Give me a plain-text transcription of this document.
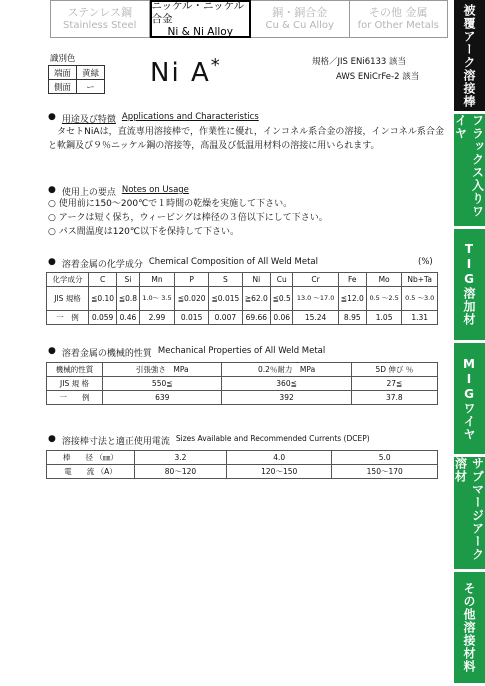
ステンレス鋼
Stainless Steel
ニッケル・ニッケル合金
Ni & Ni Alloy
銅・銅合金
Cu & Cu Alloy
その他 金属
for Other Metals	被覆アーク溶接棒
フラックス入りワイヤ
TIG溶加材
MIGワイヤ
サブマージアーク溶材
その他溶接材料
識別色
端面	黄緑
側面	ー Ni A*	規格／JIS ENi6133 該当
AWS ENiCrFe-2 該当
● 用途及び特徴 Applications and Characteristics
タセトNiAは，直流専用溶接棒で，作業性に優れ，インコネル系合金の溶接，インコネル系合金と軟鋼及び９％ニッケル鋼の溶接等，高温及び低温用材料の溶接に用いられます。
● 使用上の要点 Notes on Usage
○ 使用前に150〜200℃で１時間の乾燥を実施して下さい。
○ アークは短く保ち，ウィービングは棒径の３倍以下にして下さい。
○ パス間温度は120℃以下を保持して下さい。
● 溶着金属の化学成分 Chemical Composition of All Weld Metal	(%)
化学成分	C	Si	Mn	P	S	Ni	Cu	Cr	Fe	Mo	Nb+Ta
JIS 規格	≦0.10	≦0.8	1.0〜 3.5	≦0.020	≦0.015	≧62.0	≦0.5	13.0 〜17.0	≦12.0	0.5 〜2.5	0.5 〜3.0

一　例	0.059	0.46	2.99	0.015	0.007	69.66	0.06	15.24	8.95	1.05	1.31
● 溶着金属の機械的性質 Mechanical Properties of All Weld Metal
機械的性質	引張強さ　MPa	0.2％耐力　MPa	5D 伸び ％
JIS 規 格	550≦	360≦	27≦
一　　例	639	392	37.8
● 溶接棒寸法と適正使用電流 Sizes Available and Recommended Currents (DCEP)
棒　　径 （㎜）	3.2	4.0	5.0
電　　流 （A）	80〜120	120〜150	150〜170
